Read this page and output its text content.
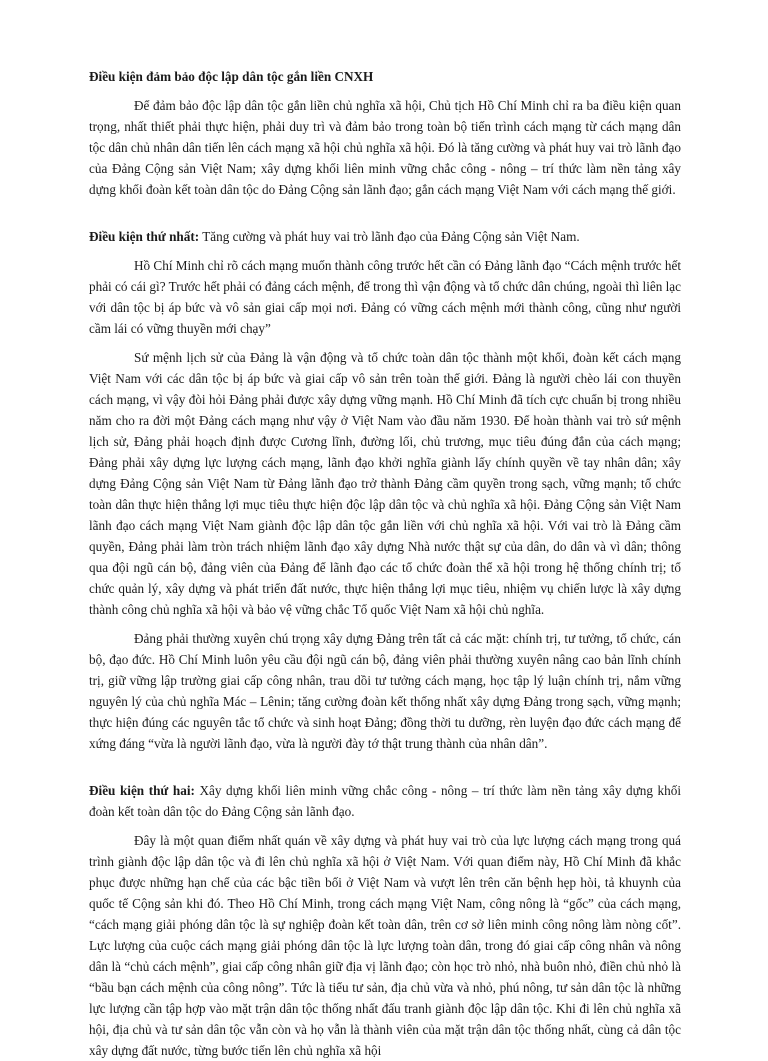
Điều kiện đảm bảo độc lập dân tộc gắn liền CNXH

Để đảm bảo độc lập dân tộc gắn liền chủ nghĩa xã hội, Chủ tịch Hồ Chí Minh chỉ ra ba điều kiện quan trọng, nhất thiết phải thực hiện, phải duy trì và đảm bảo trong toàn bộ tiến trình cách mạng từ cách mạng dân tộc dân chủ nhân dân tiến lên cách mạng xã hội chủ nghĩa xã hội. Đó là tăng cường và phát huy vai trò lãnh đạo của Đảng Cộng sản Việt Nam; xây dựng khối liên minh vững chắc công - nông – trí thức làm nền tảng xây dựng khối đoàn kết toàn dân tộc do Đảng Cộng sản lãnh đạo; gắn cách mạng Việt Nam với cách mạng thế giới.

Điều kiện thứ nhất: Tăng cường và phát huy vai trò lãnh đạo của Đảng Cộng sản Việt Nam.

Hồ Chí Minh chỉ rõ cách mạng muốn thành công trước hết cần có Đảng lãnh đạo “Cách mệnh trước hết phải có cái gì? Trước hết phải có đảng cách mệnh, để trong thì vận động và tổ chức dân chúng, ngoài thì liên lạc với dân tộc bị áp bức và vô sản giai cấp mọi nơi. Đảng có vững cách mệnh mới thành công, cũng như người cầm lái có vững thuyền mới chạy”

Sứ mệnh lịch sử của Đảng là vận động và tổ chức toàn dân tộc thành một khối, đoàn kết cách mạng Việt Nam với các dân tộc bị áp bức và giai cấp vô sản trên toàn thế giới. Đảng là người chèo lái con thuyền cách mạng, vì vậy đòi hỏi Đảng phải được xây dựng vững mạnh. Hồ Chí Minh đã tích cực chuẩn bị trong nhiều năm cho ra đời một Đảng cách mạng như vậy ở Việt Nam vào đầu năm 1930. Để hoàn thành vai trò sứ mệnh lịch sử, Đảng phải hoạch định được Cương lĩnh, đường lối, chủ trương, mục tiêu đúng đắn của cách mạng; Đảng phải xây dựng lực lượng cách mạng, lãnh đạo khởi nghĩa giành lấy chính quyền về tay nhân dân; xây dựng Đảng Cộng sản Việt Nam từ Đảng lãnh đạo trở thành Đảng cầm quyền trong sạch, vững mạnh; tổ chức toàn dân thực hiện thắng lợi mục tiêu thực hiện độc lập dân tộc và chủ nghĩa xã hội. Đảng Cộng sản Việt Nam lãnh đạo cách mạng Việt Nam giành độc lập dân tộc gắn liền với chủ nghĩa xã hội. Với vai trò là Đảng cầm quyền, Đảng phải làm tròn trách nhiệm lãnh đạo xây dựng Nhà nước thật sự của dân, do dân và vì dân; thông qua đội ngũ cán bộ, đảng viên của Đảng để lãnh đạo các tổ chức đoàn thể xã hội trong hệ thống chính trị; tổ chức quản lý, xây dựng và phát triển đất nước, thực hiện thắng lợi mục tiêu, nhiệm vụ chiến lược là xây dựng thành công chủ nghĩa xã hội và bảo vệ vững chắc Tổ quốc Việt Nam xã hội chủ nghĩa.

Đảng phải thường xuyên chú trọng xây dựng Đảng trên tất cả các mặt: chính trị, tư tưởng, tổ chức, cán bộ, đạo đức. Hồ Chí Minh luôn yêu cầu đội ngũ cán bộ, đảng viên phải thường xuyên nâng cao bản lĩnh chính trị, giữ vững lập trường giai cấp công nhân, trau dồi tư tưởng cách mạng, học tập lý luận chính trị, nắm vững nguyên lý của chủ nghĩa Mác – Lênin; tăng cường đoàn kết thống nhất xây dựng Đảng trong sạch, vững mạnh; thực hiện đúng các nguyên tắc tổ chức và sinh hoạt Đảng; đồng thời tu dưỡng, rèn luyện đạo đức cách mạng để xứng đáng “vừa là người lãnh đạo, vừa là người đày tớ thật trung thành của nhân dân”.

Điều kiện thứ hai: Xây dựng khối liên minh vững chắc công - nông – trí thức làm nền tảng xây dựng khối đoàn kết toàn dân tộc do Đảng Cộng sản lãnh đạo.

Đây là một quan điểm nhất quán về xây dựng và phát huy vai trò của lực lượng cách mạng trong quá trình giành độc lập dân tộc và đi lên chủ nghĩa xã hội ở Việt Nam. Với quan điểm này, Hồ Chí Minh đã khắc phục được những hạn chế của các bậc tiền bối ở Việt Nam và vượt lên trên căn bệnh hẹp hòi, tả khuynh của quốc tế Cộng sản khi đó. Theo Hồ Chí Minh, trong cách mạng Việt Nam, công nông là “gốc” của cách mạng, “cách mạng giải phóng dân tộc là sự nghiệp đoàn kết toàn dân, trên cơ sở liên minh công nông làm nòng cốt”. Lực lượng của cuộc cách mạng giải phóng dân tộc là lực lượng toàn dân, trong đó giai cấp công nhân và nông dân là “chủ cách mệnh”, giai cấp công nhân giữ địa vị lãnh đạo; còn học trò nhỏ, nhà buôn nhỏ, điền chủ nhỏ là “bầu bạn cách mệnh của công nông”. Tức là tiểu tư sản, địa chủ vừa và nhỏ, phú nông, tư sản dân tộc là những lực lượng cần tập hợp vào mặt trận dân tộc thống nhất đấu tranh giành độc lập dân tộc. Khi đi lên chủ nghĩa xã hội, địa chủ và tư sản dân tộc vẫn còn và họ vẫn là thành viên của mặt trận dân tộc thống nhất, cùng cả dân tộc xây dựng đất nước, từng bước tiến lên chủ nghĩa xã hội
